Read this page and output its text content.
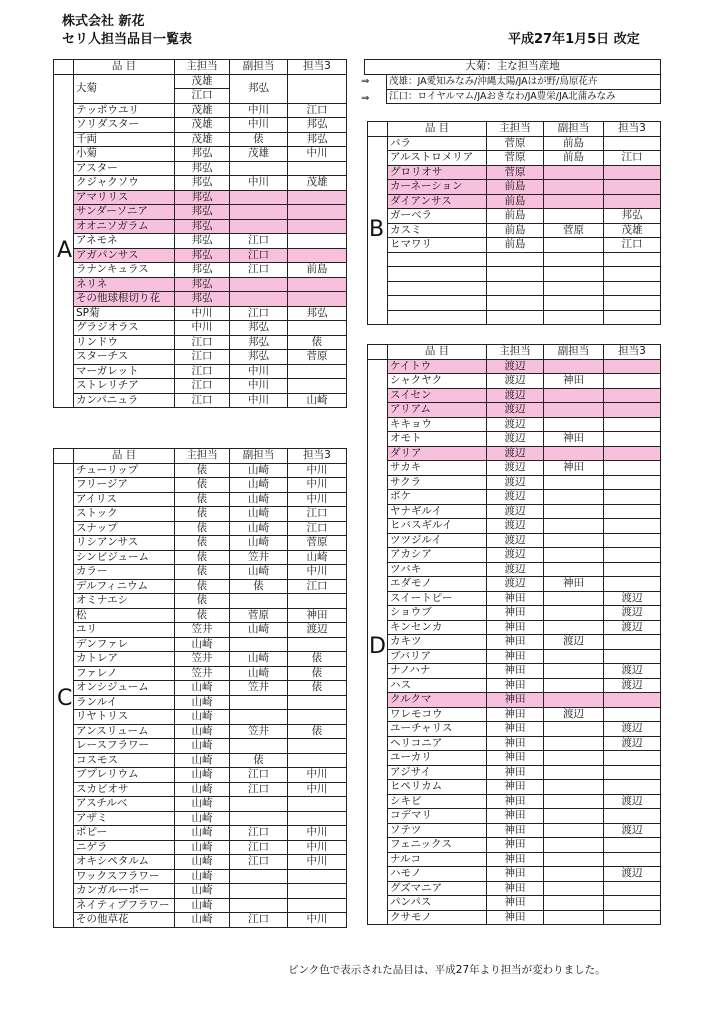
株式会社 新花
セリ人担当品目一覧表	平成27年1月5日 改定
	品 目	主担当	副担当	担当3
	大菊	茂雄	邦弘	
		江口		
	テッポウユリ	茂雄	中川	江口
	ソリダスター	茂雄	中川	邦弘
	千両	茂雄	俵	邦弘
	小菊	邦弘	茂雄	中川
	アスター	邦弘		
	クジャクソウ	邦弘	中川	茂雄
	アマリリス	邦弘		
	サンダーソニア	邦弘		
	オオニソガラム	邦弘		
	アネモネ	邦弘	江口	
	アガパンサス	邦弘	江口	
	ラナンキュラス	邦弘	江口	前島
	ネリネ	邦弘		
	その他球根切り花	邦弘		
	SP菊	中川	江口	邦弘
	グラジオラス	中川	邦弘	
	リンドウ	江口	邦弘	俵
	スターチス	江口	邦弘	菅原
	マーガレット	江口	中川	
	ストレリチア	江口	中川	
	カンパニュラ	江口	中川	山崎
A
大菊：主な担当産地
⇒
⇒
茂雄：JA愛知みなみ/沖縄太陽/JAはが野/鳥原花卉
江口：ロイヤルマム/JAおきなわ/JA豊栄/JA北蒲みなみ
	品 目	主担当	副担当	担当3
	バラ	菅原	前島	
	アルストロメリア	菅原	前島	江口
	グロリオサ	菅原		
	カーネーション	前島		
	ダイアンサス	前島		
	ガーベラ	前島		邦弘
	カスミ	前島	菅原	茂雄
	ヒマワリ	前島		江口

B
	品 目	主担当	副担当	担当3
	チューリップ	俵	山崎	中川
	フリージア	俵	山崎	中川
	アイリス	俵	山崎	中川
	ストック	俵	山崎	江口
	スナップ	俵	山崎	江口
	リシアンサス	俵	山崎	菅原
	シンビジューム	俵	笠井	山崎
	カラー	俵	山崎	中川
	デルフィニウム	俵	俵	江口
	オミナエシ	俵		
	松	俵	菅原	神田
	ユリ	笠井	山崎	渡辺
	デンファレ	山崎		
	カトレア	笠井	山崎	俵
	ファレノ	笠井	山崎	俵
	オンシジューム	山崎	笠井	俵
	ランルイ	山崎		
	リヤトリス	山崎		
	アンスリューム	山崎	笠井	俵
	レースフラワー	山崎		
	コスモス	山崎	俵	
	ブプレリウム	山崎	江口	中川
	スカビオサ	山崎	江口	中川
	アスチルベ	山崎		
	アザミ	山崎		
	ポピー	山崎	江口	中川
	ニゲラ	山崎	江口	中川
	オキシペタルム	山崎	江口	中川
	ワックスフラワー	山崎		
	カンガルーポー	山崎		
	ネイティブフラワー	山崎		
	その他草花	山崎	江口	中川
C
	品 目	主担当	副担当	担当3
	ケイトウ	渡辺		
	シャクヤク	渡辺	神田	
	スイセン	渡辺		
	アリアム	渡辺		
	キキョウ	渡辺		
	オモト	渡辺	神田	
	ダリア	渡辺		
	サカキ	渡辺	神田	
	サクラ	渡辺		
	ボケ	渡辺		
	ヤナギルイ	渡辺		
	ヒバスギルイ	渡辺		
	ツツジルイ	渡辺		
	アカシア	渡辺		
	ツバキ	渡辺		
	エダモノ	渡辺	神田	
	スイートピー	神田		渡辺
	ショウブ	神田		渡辺
	キンセンカ	神田		渡辺
	カキツ	神田	渡辺	
	ブバリア	神田		
	ナノハナ	神田		渡辺
	ハス	神田		渡辺
	クルクマ	神田		
	ワレモコウ	神田	渡辺	
	ユーチャリス	神田		渡辺
	ヘリコニア	神田		渡辺
	ユーカリ	神田		
	アジサイ	神田		
	ヒペリカム	神田		
	シキビ	神田		渡辺
	コデマリ	神田		
	ソテツ	神田		渡辺
	フェニックス	神田		
	ナルコ	神田		
	ハモノ	神田		渡辺
	グズマニア	神田		
	パンパス	神田		
	クサモノ	神田		
D
ピンク色で表示された品目は、平成27年より担当が変わりました。
